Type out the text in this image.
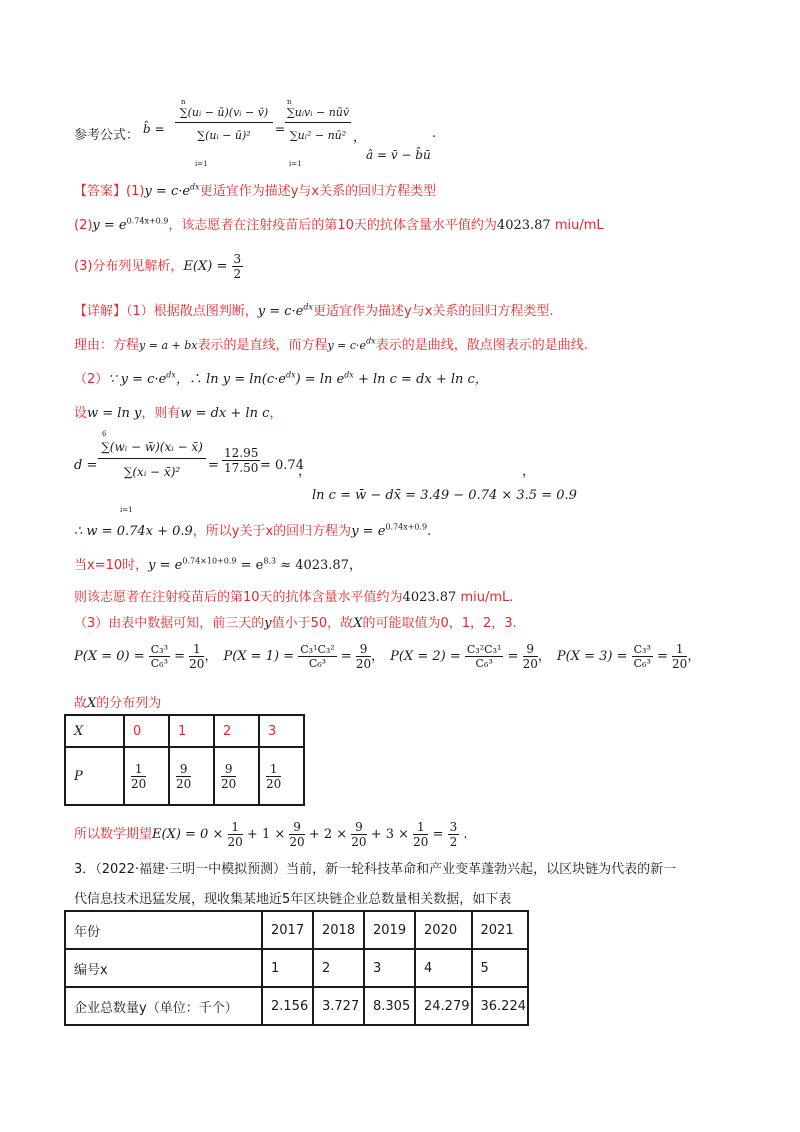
参考公式： b̂ =
n
∑(uᵢ − ū)(vᵢ − v̄)
∑(uᵢ − ū)²
i=1
=
n
∑uᵢvᵢ − nūv̄
∑uᵢ² − nū²
i=1
，
â = v̄ − b̂ū
.
【答案】$(1)y = c\cdot e^{dx}$更适宜作为描述y与x关系的回归方程类型
$(2)y = e^{0.74x+0.9}$，该志愿者在注射疫苗后的第10天的抗体含量水平值约为4023.87 miu/mL
(3)分布列见解析，$E(X) = \frac{3}{2}$
【详解】（1）根据散点图判断，$y = c\cdot e^{dx}$更适宜作为描述y与x关系的回归方程类型.
理由：方程y = a + bx表示的是直线，而方程$y = c\cdot e^{dx}$表示的是曲线，散点图表示的是曲线.
（2）∵ $y = c\cdot e^{dx}$，∴ $\ln y = \ln(c\cdot e^{dx}) = \ln e^{dx} + \ln c$ = dx + ln c，
设w = ln y，则有w = dx + ln c，
d =
6
∑(wᵢ − w̄)(xᵢ − x̄)
∑(xᵢ − x̄)²
i=1
= $\frac{12.95}{17.50} = 0.74$
，	，
ln c = w̄ − dx̄ = 3.49 − 0.74 × 3.5 = 0.9
∴ w = 0.74x + 0.9，所以y关于x的回归方程为$y = e^{0.74x+0.9}$.
当x=10时，$y = e^{0.74\times 10+0.9} = e^{8.3} \approx 4023.87$，
则该志愿者在注射疫苗后的第10天的抗体含量水平值约为4023.87 miu/mL.
（3）由表中数据可知，前三天的y值小于50，故X的可能取值为0，1，2，3.
$P(X = 0) = \frac{\text{C₃³}}{\text{C₆³}} = \frac{1}{20}$ ， $P(X = 1) = \frac{\text{C₃¹C₃²}}{\text{C₆³}} = \frac{9}{20}$ ， $P(X = 2) = \frac{\text{C₃²C₃¹}}{\text{C₆³}} = \frac{9}{20}$ ， $P(X = 3) = \frac{\text{C₃³}}{\text{C₆³}} = \frac{1}{20}$ ，
故X的分布列为
X	0	1	2	3
P	$\frac{1}{20}$	$\frac{9}{20}$	$\frac{9}{20}$	$\frac{1}{20}$
所以数学期望$E(X) = 0 \times \frac{1}{20} + 1 \times \frac{9}{20} + 2 \times \frac{9}{20} + 3 \times \frac{1}{20} = \frac{3}{2}$ .
3．（2022·福建·三明一中模拟预测）当前，新一轮科技革命和产业变革蓬勃兴起，以区块链为代表的新一
代信息技术迅猛发展，现收集某地近5年区块链企业总数量相关数据，如下表
年份	2017	2018	2019	2020	2021
编号x	1	2	3	4	5
企业总数量y（单位：千个）	2.156	3.727	8.305	24.279	36.224
